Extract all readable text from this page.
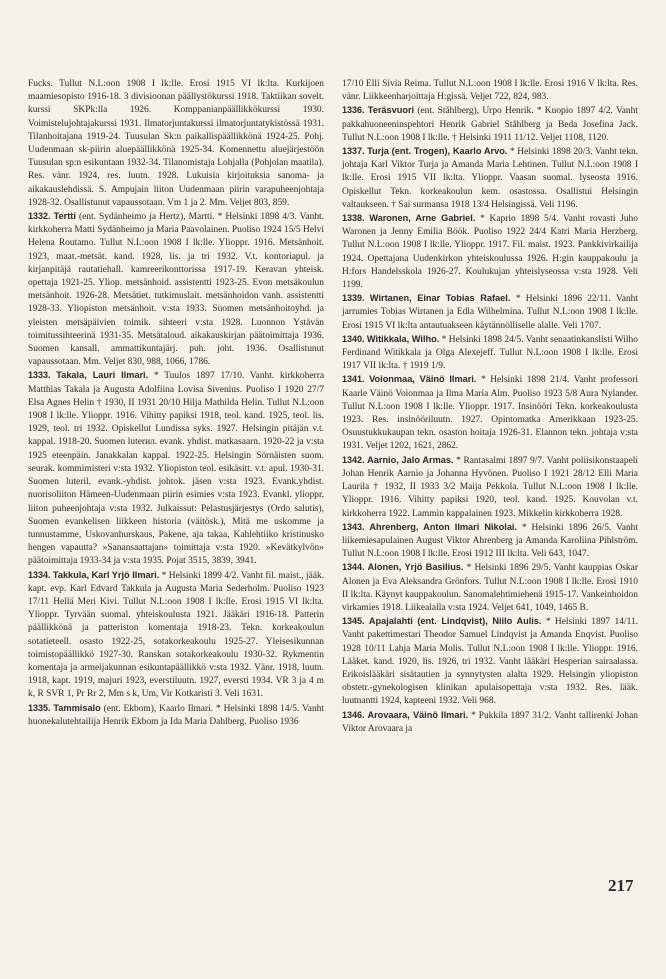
Fucks. Tullut N.L:oon 1908 I lk:lle. Erosi 1915 VI lk:lta. Kurkijoen maamiesopisto 1916-18. 3 divisioonan päällystökurssi 1918. Taktiikan sovelt. kurssi SKPk:lla 1926. Komppanianpäällikkökurssi 1930. Voimistelujohtajakurssi 1931. Ilmatorjuntakurssi ilmatorjuntatykistössä 1931. Tilanhoitajana 1919-24. Tuusulan Sk:n paikallispäällikkönä 1924-25. Pohj. Uudenmaan sk-piirin aluepäällikkönä 1925-34. Komennettu aluejärjestöön Tuusulan sp:n esikuntaan 1932-34. Tilanomistaja Lohjalla (Pohjolan maatila). Res. vänr. 1924, res. luutn. 1928. Lukuisia kirjoituksia sanoma- ja aikakauslehdissä. S. Ampujain liiton Uudenmaan piirin varapuheenjohtaja 1928-32. Osallistunut vapaussotaan. Vm 1 ja 2. Mm. Veljet 803, 859.

1332. Tertti (ent. Sydänheimo ja Hertz), Martti. * Helsinki 1898 4/3. Vanht. kirkkoherra Matti Sydänheimo ja Maria Paavolainen. Puoliso 1924 15/5 Helvi Helena Routamo. Tullut N.L:oon 1908 I lk:lle. Ylioppr. 1916. Metsänhoit. 1923, maat.-metsät. kand. 1928, lis. ja tri 1932. V.t. kontoriapul. ja kirjanpitäjä rautatiehall. kamreerikonttorissa 1917-19. Keravan yhteisk. opettaja 1921-25. Yliop. metsänhoid. assistentti 1923-25. Evon metsäkoulun metsänhoit. 1926-28. Metsätiet. tutkimuslait. metsänhoidon vanh. assistentti 1928-33. Yliopiston metsänhoit. v:sta 1933. Suomen metsänhoitoyhd. ja yleisten metsäpäivien toimik. sihteeri v:sta 1928. Luonnon Ystävän toimitussihteerinä 1931-35. Metsätaloud. aikakauskirjan päätoimittaja 1936. Suomen kansall. ammattikuntajärj. puh. joht. 1936. Osallistunut vapaussotaan. Mm. Veljet 830, 988, 1066, 1786.

1333. Takala, Lauri Ilmari. * Tuulos 1897 17/10. Vanht. kirkkoherra Matthias Takala ja Augusta Adolfiina Lovisa Sivenius. Puoliso I 1920 27/7 Elsa Agnes Helin † 1930, II 1931 20/10 Hilja Mathilda Helin. Tullut N.L:oon 1908 I lk:lle. Ylioppr. 1916. Vihitty papiksi 1918, teol. kand. 1925, teol. lis. 1929, teol. tri 1932. Opiskellut Lundissa syks. 1927. Helsingin pitäjän v.t. kappal. 1918-20. Suomen luterил. evank. yhdist. matkasaarn. 1920-22 ja v:sta 1925 eteenpäin. Janakkalan kappal. 1922-25. Helsingin Sörnäisten suom. seurak. kommimisteri v:sta 1932. Yliopiston teol. esikäsitt. v.t. apul. 1930-31. Suomen luteril. evank.-yhdist. johtok. jäsen v:sta 1923. Evank.yhdist. nuorisoliiton Hämeen-Uudenmaan piirin esimies v:sta 1923. Evankl. ylioppr. liiton puheenjohtaja v:sta 1932. Julkaissut: Pelastusjärjestys (Ordo salutis), Suomen evankelisen liikkeen historia (väitösk.), Mitä me uskomme ja tunnustamme, Uskovanhurskaus, Pakene, aja takaa, Kahlehtiiko kristinusko hengen vapautta? »Sanansaattajan» toimittaja v:sta 1920. »Kevätkylvön» päätoimittaja 1933-34 ja v:sta 1935. Pojat 3515, 3839, 3941.

1334. Takkula, Karl Yrjö Ilmari. * Helsinki 1899 4/2. Vanht fil. maist., jääk. kapt. evp. Karl Edvard Takkula ja Augusta Maria Sederholm. Puoliso 1923 17/11 Hellä Meri Kivi. Tullut N.L:oon 1908 I lk:lle. Erosi 1915 VI lk:lta. Ylioppr. Tyrvään suomal. yhteiskoulusta 1921. Jääkäri 1916-18. Patterin päällikkönä ja patteriston komentaja 1918-23. Tekn. korkeakoulun sotatieteell. osasto 1922-25, sotakorkeakoulu 1925-27. Yleisesikunnan toimistopäällikkö 1927-30. Ranskan sotakorkeakoulu 1930-32. Rykmentin komentaja ja armeijakunnan esikuntapäällikkö v:sta 1932. Vänr. 1918, luutn. 1918, kapt. 1919, majuri 1923, everstiluutn. 1927, eversti 1934. VR 3 ja 4 m k, R SVR 1, Pr Rr 2, Mm s k, Um, Vir Kotkaristi 3. Veli 1631.

1335. Tammisalo (ent. Ekbom), Kaarlo Ilmari. * Helsinki 1898 14/5. Vanht huonekalutehtailija Henrik Ekbom ja Ida Maria Dahlberg. Puoliso 1936

17/10 Elli Sivia Reima. Tullut N.L:oon 1908 I lk:lle. Erosi 1916 V lk:lta. Res. vänr. Liikkeenharjoittaja H:gissä. Veljet 722, 824, 983.

1336. Teräsvuori (ent. Ståhlberg), Urpo Henrik. * Kuopio 1897 4/2. Vanht pakkahuoneeninspehtori Henrik Gabriel Ståhlberg ja Beda Josefina Jack. Tullut N.L:oon 1908 I lk:lle. † Helsinki 1911 11/12. Veljet 1108, 1120.

1337. Turja (ent. Trogen), Kaarlo Arvo. * Helsinki 1898 20/3. Vanht tekn. johtaja Karl Viktor Turja ja Amanda Maria Lehtinen. Tullut N.L:oon 1908 I lk:lle. Erosi 1915 VII lk:lta. Ylioppr. Vaasan suomal. lyseosta 1916. Opiskellut Tekn. korkeakoulun kem. osastossa. Osallistui Helsingin valtaukseen. † Sai surmansa 1918 13/4 Helsingissä. Veli 1196.

1338. Waronen, Arne Gabriel. * Kaprio 1898 5/4. Vanht rovasti Juho Waronen ja Jenny Emilia Böök. Puoliso 1922 24/4 Katri Maria Herzberg. Tullut N.L:oon 1908 I lk:lle. Ylioppr. 1917. Fil. maist. 1923. Pankkivirkailija 1924. Opettajana Uudenkirkon yhteiskoulussa 1926. H:gin kauppakoulu ja H:fors Handelsskola 1926-27. Koulukujan yhteislyseossa v:sta 1928. Veli 1199.

1339. Wirtanen, Einar Tobias Rafael. * Helsinki 1896 22/11. Vanht jarrumies Tobias Wirtanen ja Edla Wilhelmina. Tullut N.L:oon 1908 I lk:lle. Erosi 1915 VI lk:lta antautuakseen käytännölliselle alalle. Veli 1707.

1340. Witikkala, Wilho. * Helsinki 1898 24/5. Vanht senaatinkanslisti Wilho Ferdinand Witikkala ja Olga Alexejeff. Tullut N.L:oon 1908 I lk:lle. Erosi 1917 VII lk:lta. † 1919 1/9.

1341. Voionmaa, Väinö Ilmari. * Helsinki 1898 21/4. Vanht professori Kaarle Väinö Voionmaa ja Ilma Maria Alm. Puoliso 1923 5/8 Aura Nylander. Tullut N.L:oon 1908 I lk:lle. Ylioppr. 1917. Insinööri Tekn. korkeakoulusta 1923. Res. insinööriluutn. 1927. Opintomatka Amerikkaan 1923-25. Osuustukkukaupan tekn. osaston hoitaja 1926-31. Elannon tekn. johtaja v:sta 1931. Veljet 1202, 1621, 2862.

1342. Aarnio, Jalo Armas. * Rantasalmi 1897 9/7. Vanht poliisikonstaapeli Johan Henrik Aarnio ja Johanna Hyvönen. Puoliso I 1921 28/12 Elli Maria Laurila † 1932, II 1933 3/2 Maija Pekkola. Tullut N.L:oon 1908 I lk:lle. Ylioppr. 1916. Vihitty papiksi 1920, teol. kand. 1925. Kouvolan v.t. kirkkoherra 1922. Lammin kappalainen 1923. Mikkelin kirkkoherra 1928.

1343. Ahrenberg, Anton Ilmari Nikolai. * Helsinki 1896 26/5. Vanht liikemiesapulainen August Viktor Ahrenberg ja Amanda Karoliina Pihlström. Tullut N.L:oon 1908 I lk:lle. Erosi 1912 III lk:lta. Veli 643, 1047.

1344. Alonen, Yrjö Basilius. * Helsinki 1896 29/5. Vanht kauppias Oskar Alonen ja Eva Aleksandra Grönfors. Tullut N.L:oon 1908 I lk:lle. Erosi 1910 II lk:lta. Käynyt kauppakoulun. Sanomalehtimiehenä 1915-17. Vankeinhoidon virkamies 1918. Liikealalla v:sta 1924. Veljet 641, 1049, 1465 B.

1345. Apajalahti (ent. Lindqvist), Niilo Aulis. * Helsinki 1897 14/11. Vanht pakettimestari Theodor Samuel Lindqvist ja Amanda Enqvist. Puoliso 1928 10/11 Lahja Maria Molis. Tullut N.L:oon 1908 I lk:lle. Ylioppr. 1916. Lääket. kand. 1920, lis. 1926, tri 1932. Vanht lääkäri Hesperian sairaalassa. Erikoislääkäri sisätautien ja synnytysten alalta 1929. Helsingin yliopiston obstetr.-gynekologisen klinikan apulaisopettaja v:sta 1932. Res. lääk. luutnantti 1924, kapteeni 1932. Veli 968.

1346. Arovaara, Väinö Ilmari. * Pukkila 1897 31/2. Vanht tallirenki Johan Viktor Arovaara ja

217
